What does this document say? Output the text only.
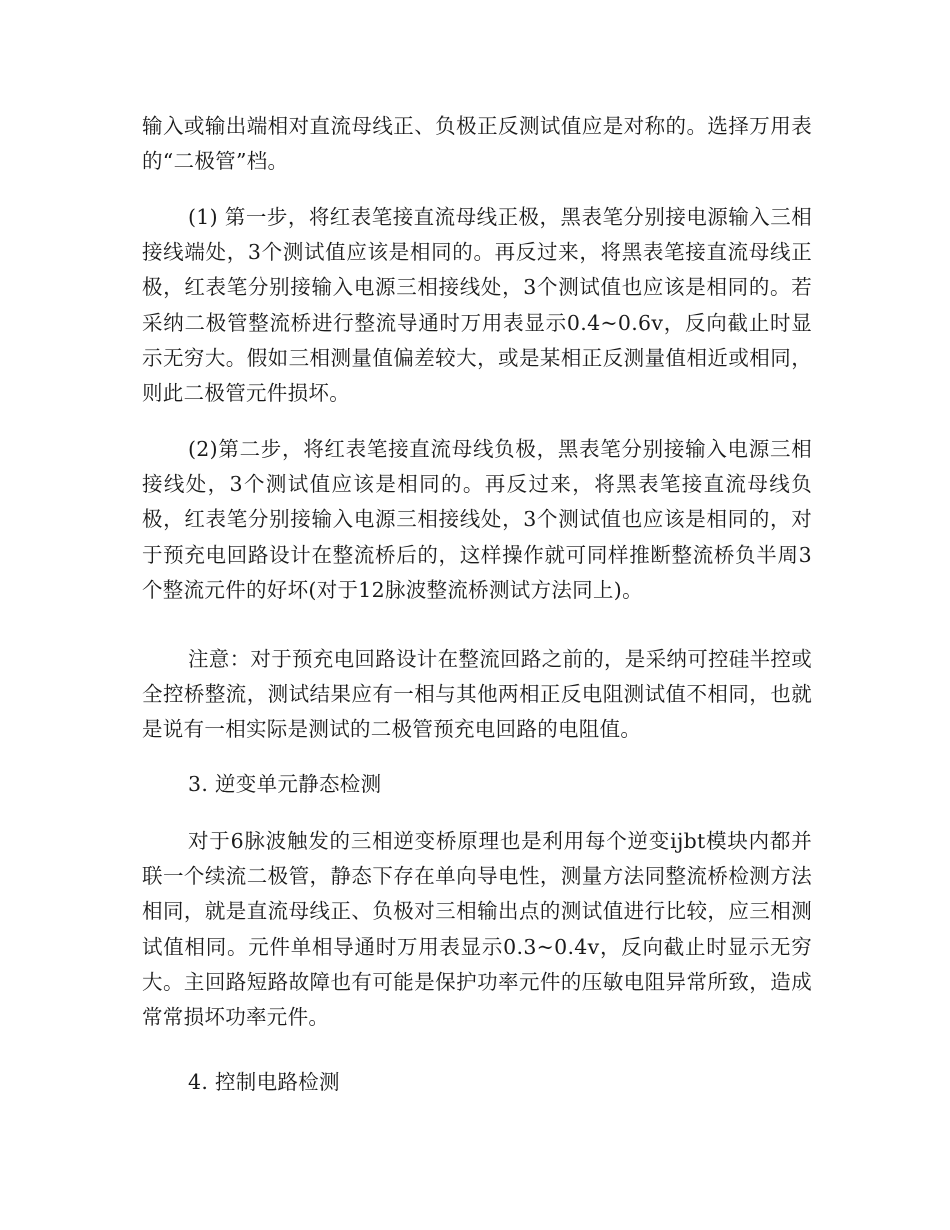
输入或输出端相对直流母线正、负极正反测试值应是对称的。选择万用表的“二极管”档。

(1) 第一步，将红表笔接直流母线正极，黑表笔分别接电源输入三相接线端处，3个测试值应该是相同的。再反过来，将黑表笔接直流母线正极，红表笔分别接输入电源三相接线处，3个测试值也应该是相同的。若采纳二极管整流桥进行整流导通时万用表显示0.4~0.6v，反向截止时显示无穷大。假如三相测量值偏差较大，或是某相正反测量值相近或相同，则此二极管元件损坏。

(2)第二步，将红表笔接直流母线负极，黑表笔分别接输入电源三相接线处，3个测试值应该是相同的。再反过来，将黑表笔接直流母线负极，红表笔分别接输入电源三相接线处，3个测试值也应该是相同的，对于预充电回路设计在整流桥后的，这样操作就可同样推断整流桥负半周3个整流元件的好坏(对于12脉波整流桥测试方法同上)。

注意：对于预充电回路设计在整流回路之前的，是采纳可控硅半控或全控桥整流，测试结果应有一相与其他两相正反电阻测试值不相同，也就是说有一相实际是测试的二极管预充电回路的电阻值。

3. 逆变单元静态检测

对于6脉波触发的三相逆变桥原理也是利用每个逆变ijbt模块内都并联一个续流二极管，静态下存在单向导电性，测量方法同整流桥检测方法相同，就是直流母线正、负极对三相输出点的测试值进行比较，应三相测试值相同。元件单相导通时万用表显示0.3~0.4v，反向截止时显示无穷大。主回路短路故障也有可能是保护功率元件的压敏电阻异常所致，造成常常损坏功率元件。

4. 控制电路检测
